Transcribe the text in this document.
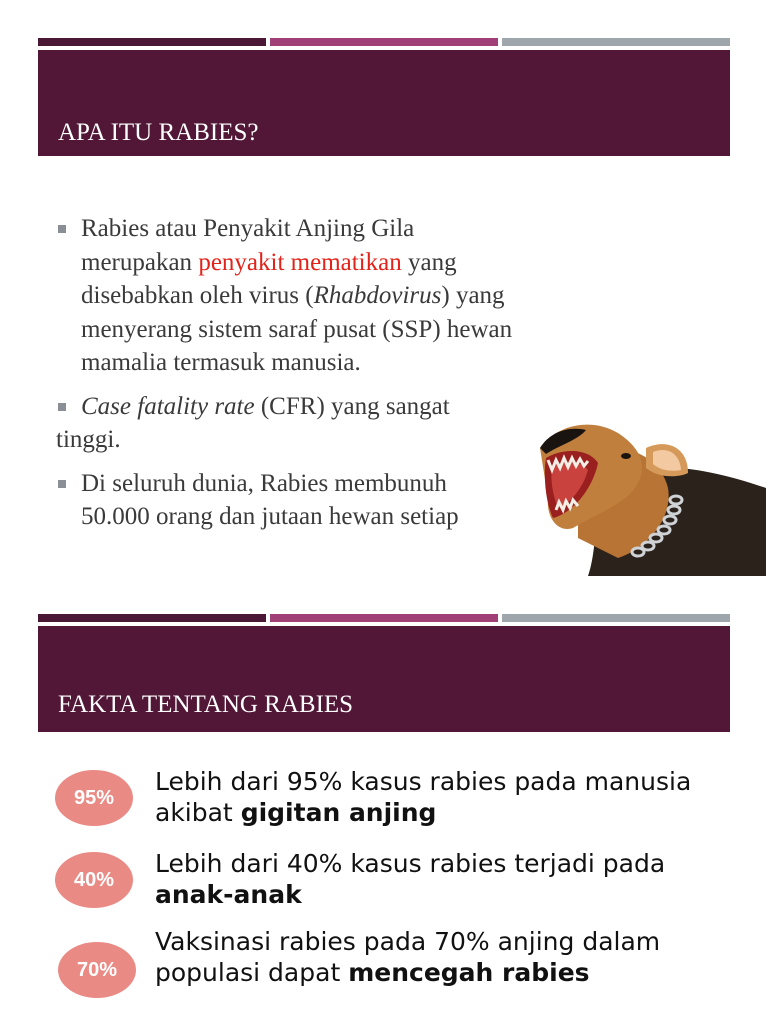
APA ITU RABIES?

Rabies atau Penyakit Anjing Gila merupakan penyakit mematikan yang disebabkan oleh virus (Rhabdovirus) yang menyerang sistem saraf pusat (SSP) hewan mamalia termasuk manusia.

Case fatality rate (CFR) yang sangat tinggi.

Di seluruh dunia, Rabies membunuh 50.000 orang dan jutaan hewan setiap

FAKTA TENTANG RABIES
95%
Lebih dari 95% kasus rabies pada manusia akibat gigitan anjing
40%
Lebih dari 40% kasus rabies terjadi pada anak-anak
70%
Vaksinasi rabies pada 70% anjing dalam populasi dapat mencegah rabies
